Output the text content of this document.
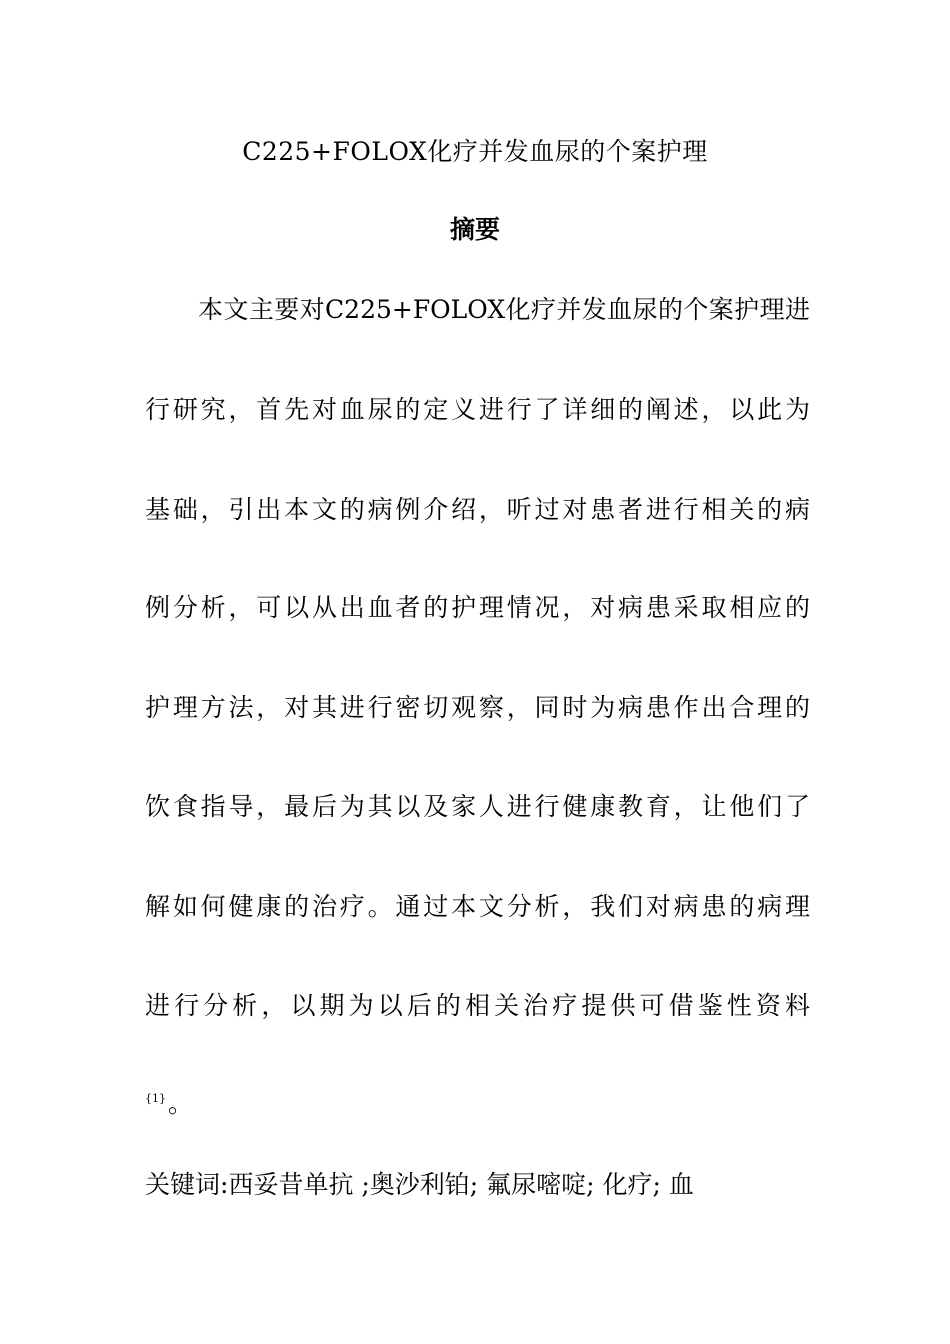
C225+FOLOX化疗并发血尿的个案护理
摘要
本文主要对C225+FOLOX化疗并发血尿的个案护理进
行研究，首先对血尿的定义进行了详细的阐述，以此为
基础，引出本文的病例介绍，听过对患者进行相关的病
例分析，可以从出血者的护理情况，对病患采取相应的
护理方法，对其进行密切观察，同时为病患作出合理的
饮食指导，最后为其以及家人进行健康教育，让他们了
解如何健康的治疗。通过本文分析，我们对病患的病理
进行分析，以期为以后的相关治疗提供可借鉴性资料
$^{\{1\}}$。
关键词:西妥昔单抗 ;奥沙利铂; 氟尿嘧啶; 化疗; 血
